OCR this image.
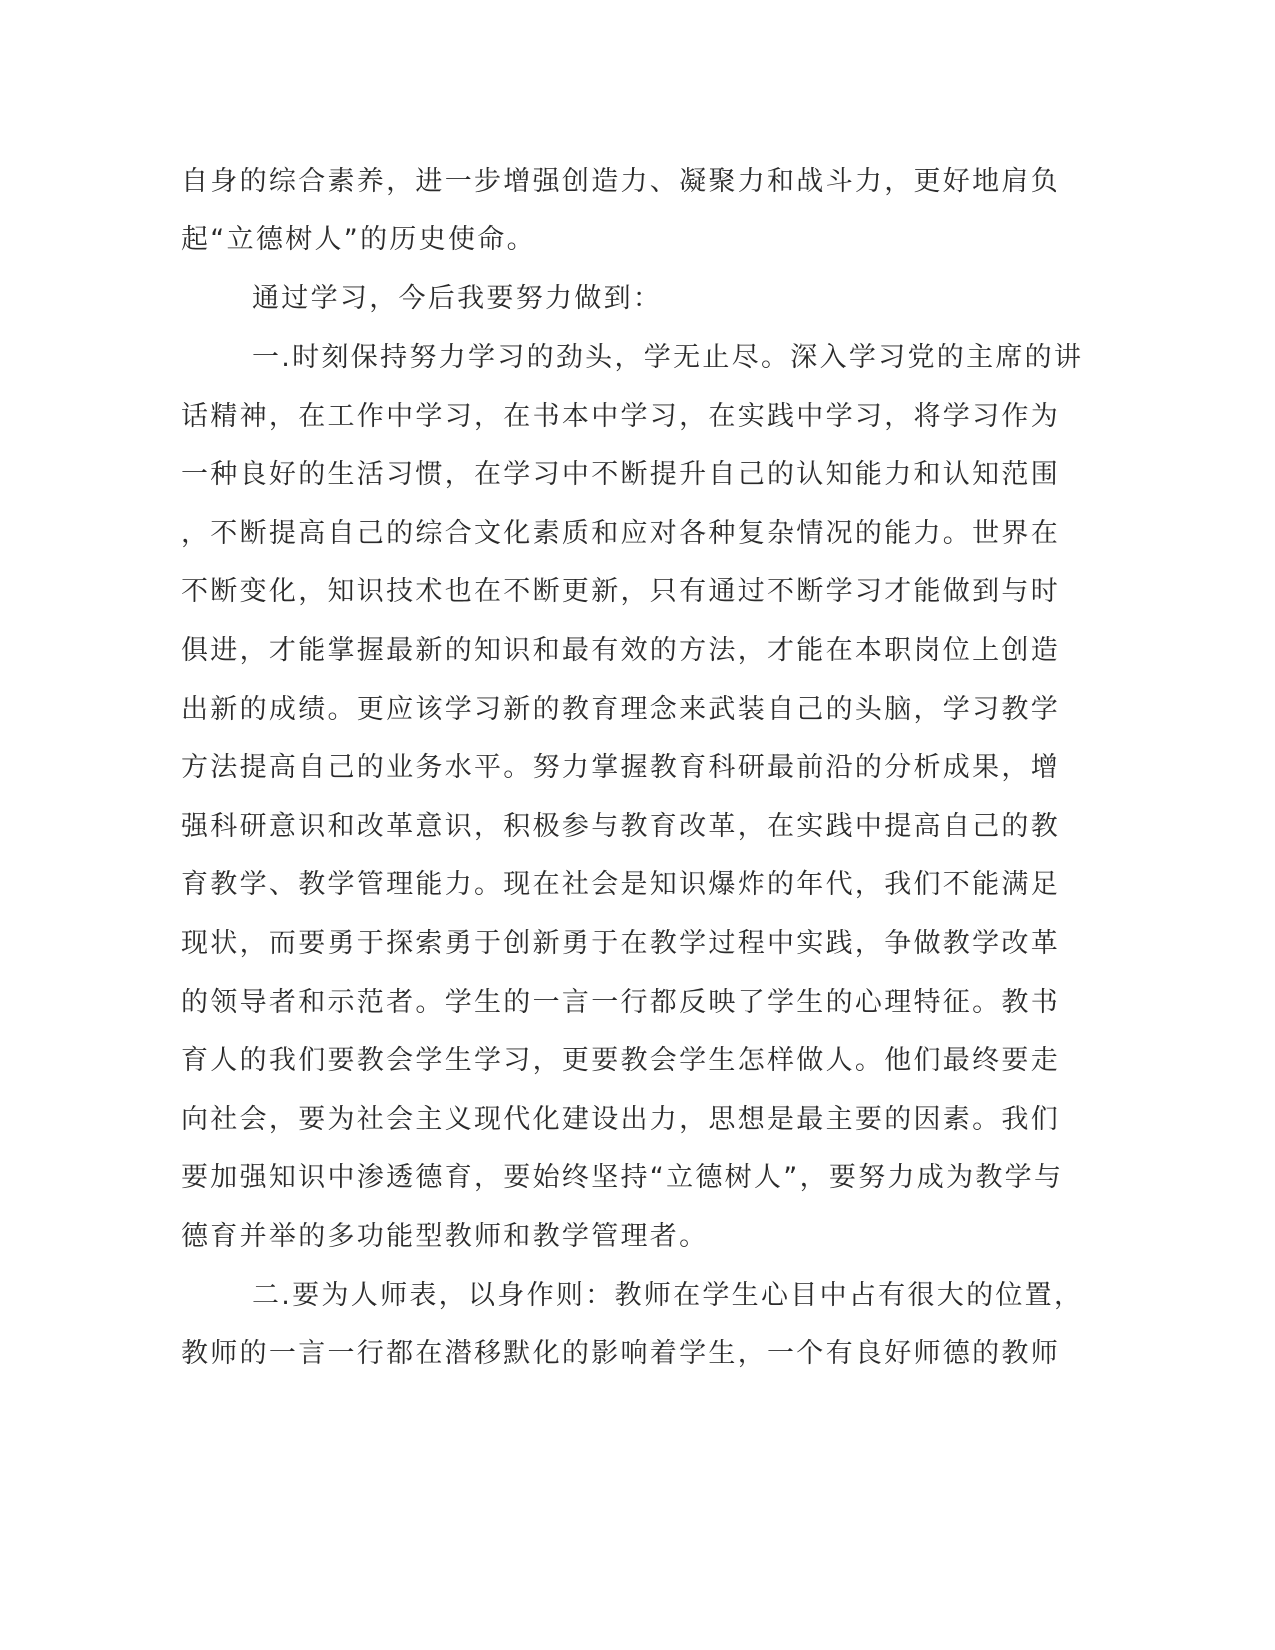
自身的综合素养，进一步增强创造力、凝聚力和战斗力，更好地肩负
起“立德树人”的历史使命。
通过学习，今后我要努力做到：
一.时刻保持努力学习的劲头，学无止尽。深入学习党的主席的讲
话精神，在工作中学习，在书本中学习，在实践中学习，将学习作为
一种良好的生活习惯，在学习中不断提升自己的认知能力和认知范围
，不断提高自己的综合文化素质和应对各种复杂情况的能力。世界在
不断变化，知识技术也在不断更新，只有通过不断学习才能做到与时
俱进，才能掌握最新的知识和最有效的方法，才能在本职岗位上创造
出新的成绩。更应该学习新的教育理念来武装自己的头脑，学习教学
方法提高自己的业务水平。努力掌握教育科研最前沿的分析成果，增
强科研意识和改革意识，积极参与教育改革，在实践中提高自己的教
育教学、教学管理能力。现在社会是知识爆炸的年代，我们不能满足
现状，而要勇于探索勇于创新勇于在教学过程中实践，争做教学改革
的领导者和示范者。学生的一言一行都反映了学生的心理特征。教书
育人的我们要教会学生学习，更要教会学生怎样做人。他们最终要走
向社会，要为社会主义现代化建设出力，思想是最主要的因素。我们
要加强知识中渗透德育，要始终坚持“立德树人”，要努力成为教学与
德育并举的多功能型教师和教学管理者。
二.要为人师表，以身作则：教师在学生心目中占有很大的位置，
教师的一言一行都在潜移默化的影响着学生，一个有良好师德的教师
